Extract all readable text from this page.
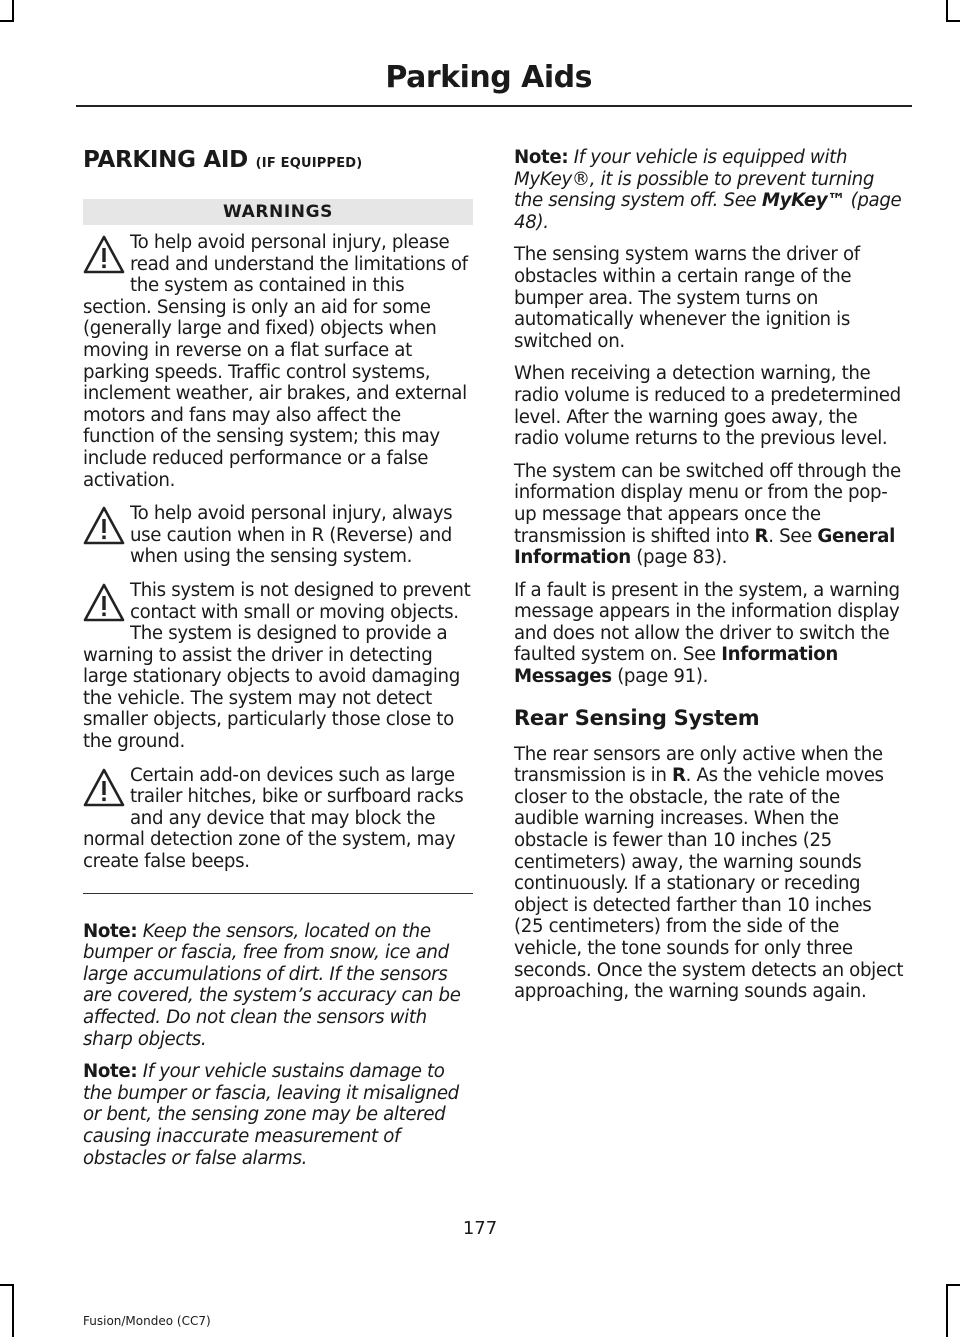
Parking Aids
PARKING AID (IF EQUIPPED)
WARNINGS
To help avoid personal injury, please read and understand the limitations of the system as contained in this section. Sensing is only an aid for some (generally large and fixed) objects when moving in reverse on a flat surface at parking speeds. Traffic control systems, inclement weather, air brakes, and external motors and fans may also affect the function of the sensing system; this may include reduced performance or a false activation.
To help avoid personal injury, always use caution when in R (Reverse) and when using the sensing system.
This system is not designed to prevent contact with small or moving objects. The system is designed to provide a warning to assist the driver in detecting large stationary objects to avoid damaging the vehicle. The system may not detect smaller objects, particularly those close to the ground.
Certain add-on devices such as large trailer hitches, bike or surfboard racks and any device that may block the normal detection zone of the system, may create false beeps.

Note: Keep the sensors, located on the bumper or fascia, free from snow, ice and large accumulations of dirt. If the sensors are covered, the system’s accuracy can be affected. Do not clean the sensors with sharp objects.

Note: If your vehicle sustains damage to the bumper or fascia, leaving it misaligned or bent, the sensing zone may be altered causing inaccurate measurement of obstacles or false alarms.

Note: If your vehicle is equipped with MyKey®, it is possible to prevent turning the sensing system off. See MyKey™ (page 48).

The sensing system warns the driver of obstacles within a certain range of the bumper area. The system turns on automatically whenever the ignition is switched on.

When receiving a detection warning, the radio volume is reduced to a predetermined level. After the warning goes away, the radio volume returns to the previous level.

The system can be switched off through the information display menu or from the pop-up message that appears once the transmission is shifted into R. See General Information (page 83).

If a fault is present in the system, a warning message appears in the information display and does not allow the driver to switch the faulted system on. See Information Messages (page 91).

Rear Sensing System

The rear sensors are only active when the transmission is in R. As the vehicle moves closer to the obstacle, the rate of the audible warning increases. When the obstacle is fewer than 10 inches (25 centimeters) away, the warning sounds continuously. If a stationary or receding object is detected farther than 10 inches (25 centimeters) from the side of the vehicle, the tone sounds for only three seconds. Once the system detects an object approaching, the warning sounds again.

177
Fusion/Mondeo (CC7)
